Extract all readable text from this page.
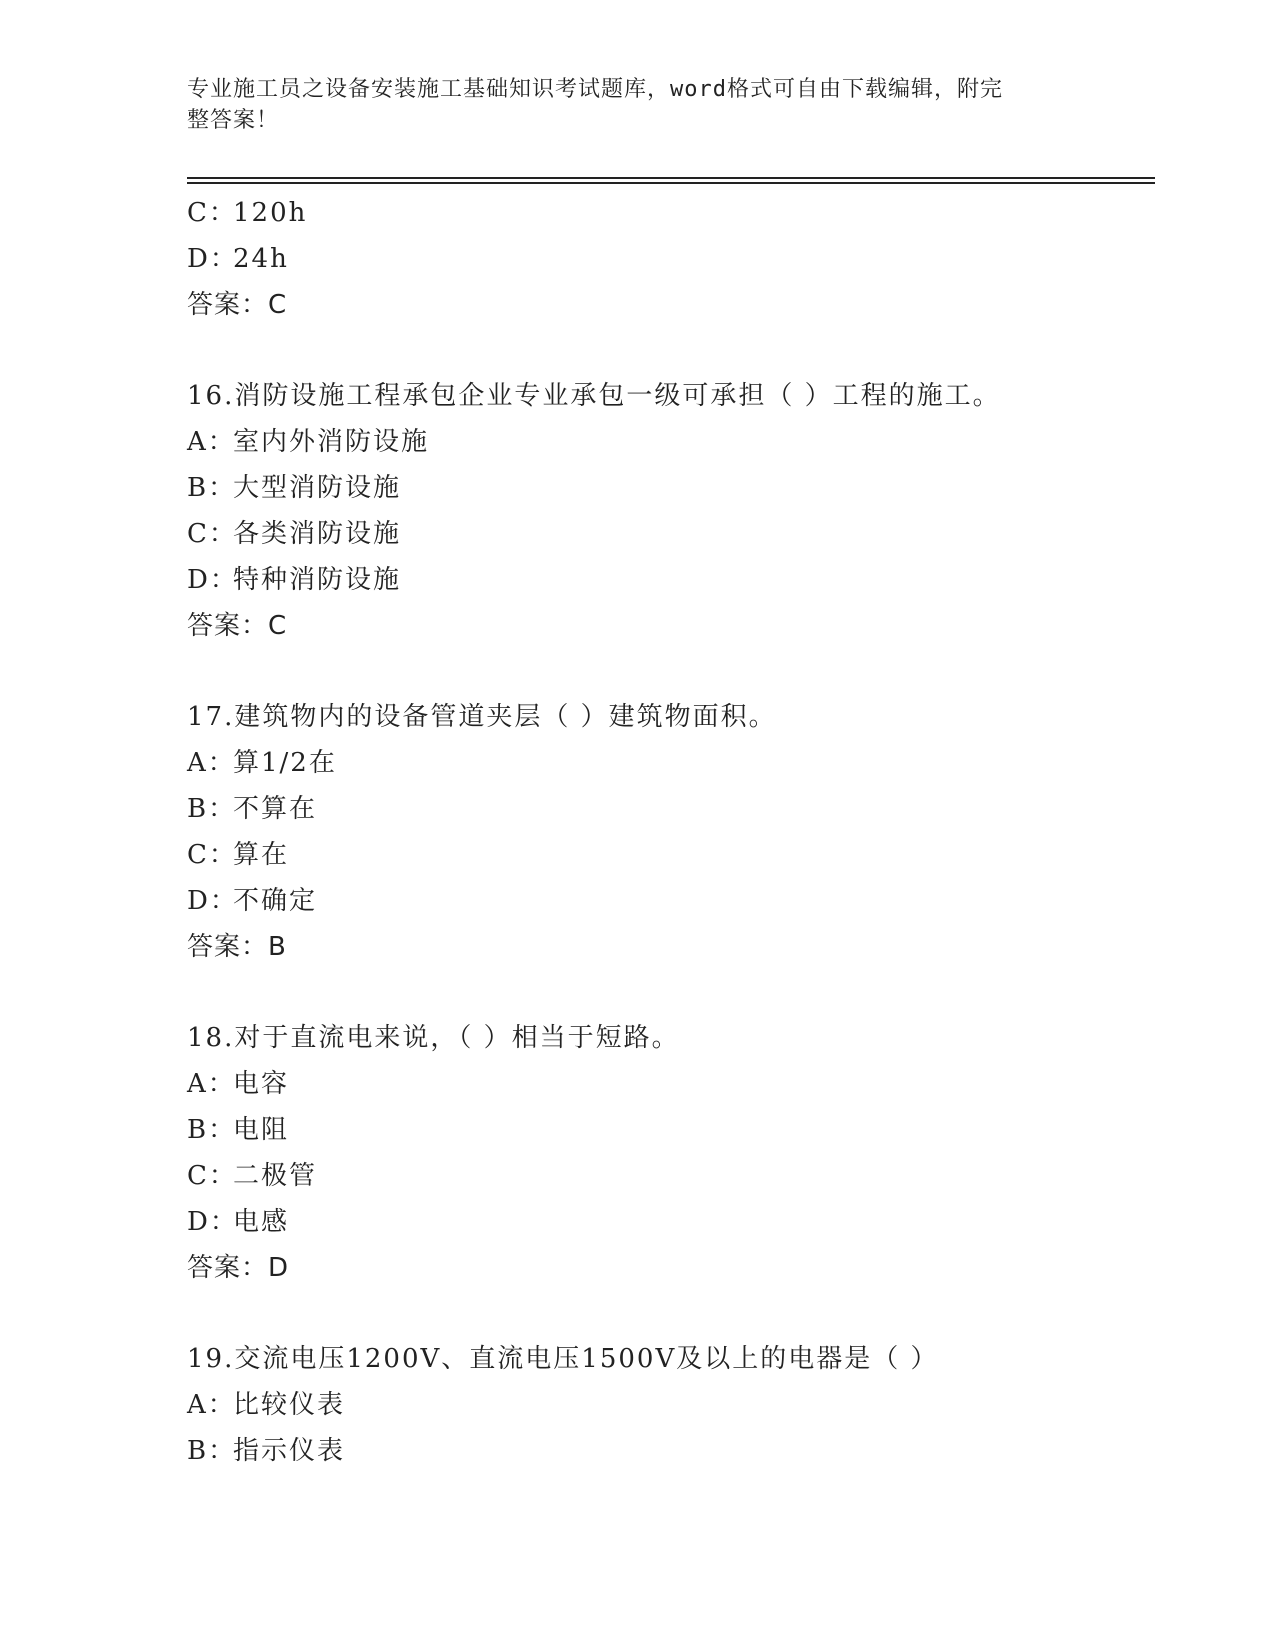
专业施工员之设备安装施工基础知识考试题库，word格式可自由下载编辑，附完
整答案！
C：120h
D：24h
答案：C
16.消防设施工程承包企业专业承包一级可承担（ ）工程的施工。
A：室内外消防设施
B：大型消防设施
C：各类消防设施
D：特种消防设施
答案：C
17.建筑物内的设备管道夹层（ ）建筑物面积。
A：算1/2在
B：不算在
C：算在
D：不确定
答案：B
18.对于直流电来说，（ ）相当于短路。
A：电容
B：电阻
C：二极管
D：电感
答案：D
19.交流电压1200V、直流电压1500V及以上的电器是（ ）
A：比较仪表
B：指示仪表
